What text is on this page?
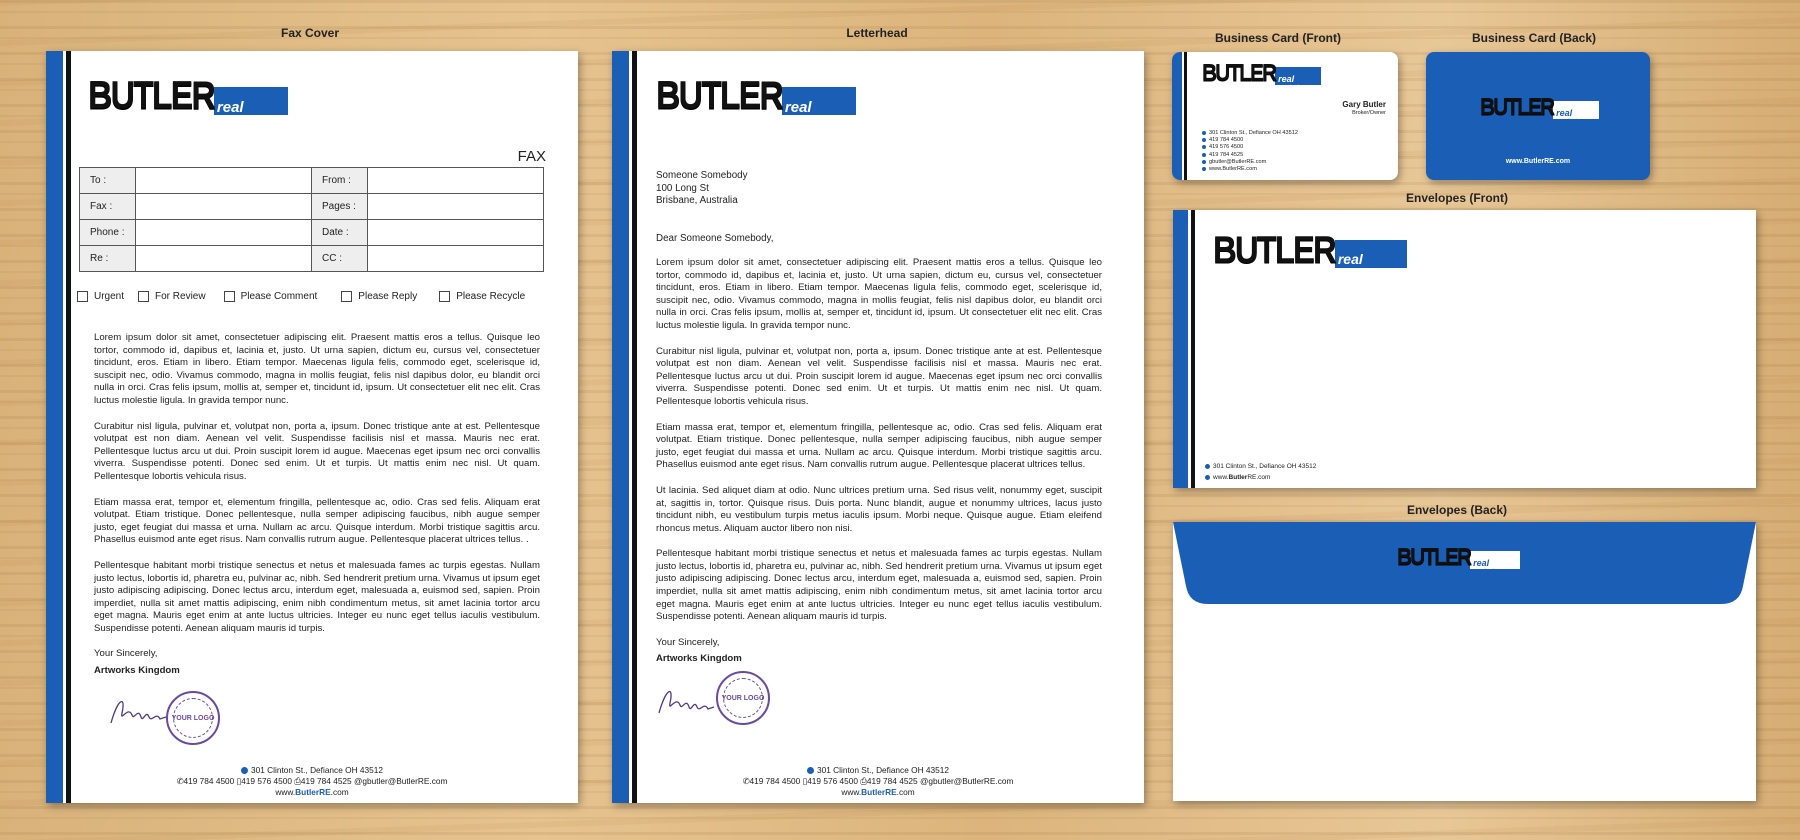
Fax Cover	Letterhead	Business Card (Front)	Business Card (Back)
Envelopes (Front)
Envelopes (Back)
BUTLER real estate
FAX
To :		From :	
Fax :		Pages :	
Phone :		Date :	
Re :		CC :	
Urgent	For Review	Please Comment	Please Reply	Please Recycle

Lorem ipsum dolor sit amet, consectetuer adipiscing elit. Praesent mattis eros a tellus. Quisque leo tortor, commodo id, dapibus et, lacinia et, justo. Ut urna sapien, dictum eu, cursus vel, consectetuer tincidunt, eros. Etiam in libero. Etiam tempor. Maecenas ligula felis, commodo eget, scelerisque id, suscipit nec, odio. Vivamus commodo, magna in mollis feugiat, felis nisl dapibus dolor, eu blandit orci nulla in orci. Cras felis ipsum, mollis at, semper et, tincidunt id, ipsum. Ut consectetuer elit nec elit. Cras luctus molestie ligula. In gravida tempor nunc.

Curabitur nisl ligula, pulvinar et, volutpat non, porta a, ipsum. Donec tristique ante at est. Pellentesque volutpat est non diam. Aenean vel velit. Suspendisse facilisis nisl et massa. Mauris nec erat. Pellentesque luctus arcu ut dui. Proin suscipit lorem id augue. Maecenas eget ipsum nec orci convallis viverra. Suspendisse potenti. Donec sed enim. Ut et turpis. Ut mattis enim nec nisl. Ut quam. Pellentesque lobortis vehicula risus.

Etiam massa erat, tempor et, elementum fringilla, pellentesque ac, odio. Cras sed felis. Aliquam erat volutpat. Etiam tristique. Donec pellentesque, nulla semper adipiscing faucibus, nibh augue semper justo, eget feugiat dui massa et urna. Nullam ac arcu. Quisque interdum. Morbi tristique sagittis arcu. Phasellus euismod ante eget risus. Nam convallis rutrum augue. Pellentesque placerat ultrices tellus. .

Pellentesque habitant morbi tristique senectus et netus et malesuada fames ac turpis egestas. Nullam justo lectus, lobortis id, pharetra eu, pulvinar ac, nibh. Sed hendrerit pretium urna. Vivamus ut ipsum eget justo adipiscing adipiscing. Donec lectus arcu, interdum eget, malesuada a, euismod sed, sapien. Proin imperdiet, nulla sit amet mattis adipiscing, enim nibh condimentum metus, sit amet lacinia tortor arcu eget magna. Mauris eget enim at ante luctus ultricies. Integer eu nunc eget tellus iaculis vestibulum. Suspendisse potenti. Aenean aliquam mauris id turpis.

Your Sincerely,
Artworks Kingdom
YOUR LOGO
301 Clinton St., Defiance OH 43512
✆419 784 4500 ▯419 576 4500 ⎙419 784 4525 @gbutler@ButlerRE.com
www.ButlerRE.com
BUTLER real estate
Someone Somebody
100 Long St
Brisbane, Australia
Dear Someone Somebody,

Lorem ipsum dolor sit amet, consectetuer adipiscing elit. Praesent mattis eros a tellus. Quisque leo tortor, commodo id, dapibus et, lacinia et, justo. Ut urna sapien, dictum eu, cursus vel, consectetuer tincidunt, eros. Etiam in libero. Etiam tempor. Maecenas ligula felis, commodo eget, scelerisque id, suscipit nec, odio. Vivamus commodo, magna in mollis feugiat, felis nisl dapibus dolor, eu blandit orci nulla in orci. Cras felis ipsum, mollis at, semper et, tincidunt id, ipsum. Ut consectetuer elit nec elit. Cras luctus molestie ligula. In gravida tempor nunc.

Curabitur nisl ligula, pulvinar et, volutpat non, porta a, ipsum. Donec tristique ante at est. Pellentesque volutpat est non diam. Aenean vel velit. Suspendisse facilisis nisl et massa. Mauris nec erat. Pellentesque luctus arcu ut dui. Proin suscipit lorem id augue. Maecenas eget ipsum nec orci convallis viverra. Suspendisse potenti. Donec sed enim. Ut et turpis. Ut mattis enim nec nisl. Ut quam. Pellentesque lobortis vehicula risus.

Etiam massa erat, tempor et, elementum fringilla, pellentesque ac, odio. Cras sed felis. Aliquam erat volutpat. Etiam tristique. Donec pellentesque, nulla semper adipiscing faucibus, nibh augue semper justo, eget feugiat dui massa et urna. Nullam ac arcu. Quisque interdum. Morbi tristique sagittis arcu. Phasellus euismod ante eget risus. Nam convallis rutrum augue. Pellentesque placerat ultrices tellus.

Ut lacinia. Sed aliquet diam at odio. Nunc ultrices pretium urna. Sed risus velit, nonummy eget, suscipit at, sagittis in, tortor. Quisque risus. Duis porta. Nunc blandit, augue et nonummy ultrices, lacus justo tincidunt nibh, eu vestibulum turpis metus iaculis ipsum. Morbi neque. Quisque augue. Etiam eleifend rhoncus metus. Aliquam auctor libero non nisi.

Pellentesque habitant morbi tristique senectus et netus et malesuada fames ac turpis egestas. Nullam justo lectus, lobortis id, pharetra eu, pulvinar ac, nibh. Sed hendrerit pretium urna. Vivamus ut ipsum eget justo adipiscing adipiscing. Donec lectus arcu, interdum eget, malesuada a, euismod sed, sapien. Proin imperdiet, nulla sit amet mattis adipiscing, enim nibh condimentum metus, sit amet lacinia tortor arcu eget magna. Mauris eget enim at ante luctus ultricies. Integer eu nunc eget tellus iaculis vestibulum. Suspendisse potenti. Aenean aliquam mauris id turpis.

Your Sincerely,
Artworks Kingdom
YOUR LOGO
301 Clinton St., Defiance OH 43512
✆419 784 4500 ▯419 576 4500 ⎙419 784 4525 @gbutler@ButlerRE.com
www.ButlerRE.com
BUTLER real estate
Gary Butler
Broker/Owner
301 Clinton St., Defiance OH 43512
419 784 4500
419 576 4500
419 784 4525
gbutler@ButlerRE.com
www.ButlerRE.com
BUTLER real estate
www.ButlerRE.com
BUTLER real estate
301 Clinton St., Defiance OH 43512
www.ButlerRE.com
BUTLER real estate
